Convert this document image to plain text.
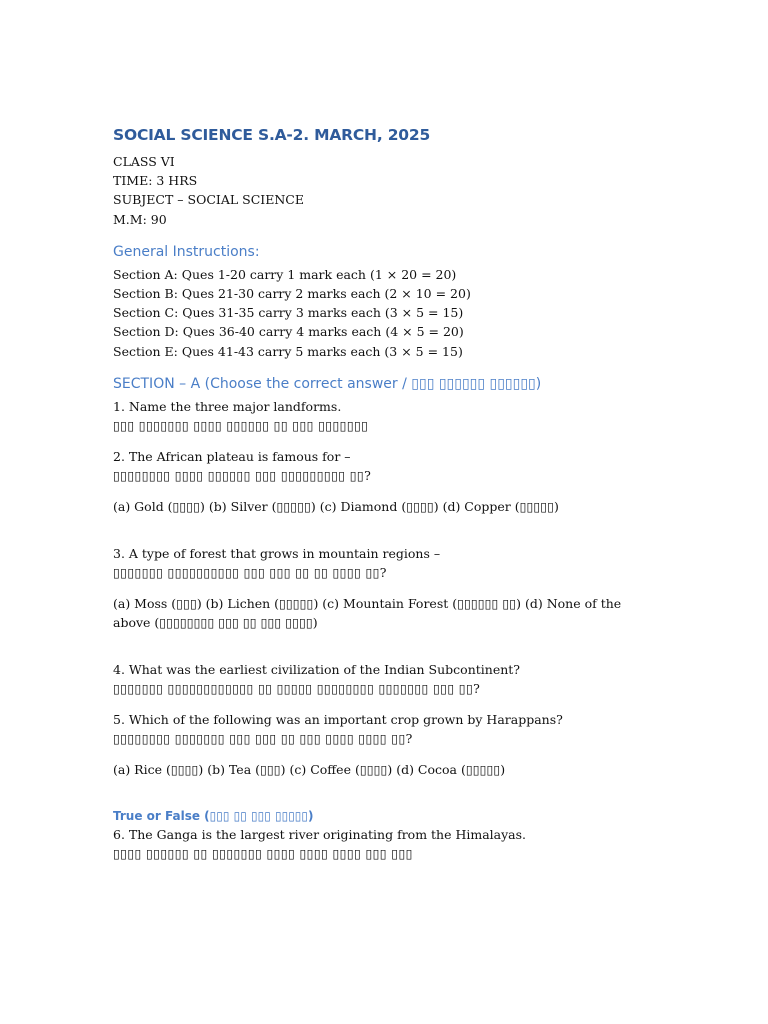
SOCIAL SCIENCE S.A-2. MARCH, 2025
CLASS VI
TIME: 3 HRS
SUBJECT – SOCIAL SCIENCE
M.M: 90
General Instructions:
Section A: Ques 1-20 carry 1 mark each (1 × 20 = 20)
Section B: Ques 21-30 carry 2 marks each (2 × 10 = 20)
Section C: Ques 31-35 carry 3 marks each (3 × 5 = 15)
Section D: Ques 36-40 carry 4 marks each (4 × 5 = 20)
Section E: Ques 41-43 carry 5 marks each (3 × 5 = 15)
SECTION – A (Choose the correct answer / ▯▯▯ ▯▯▯▯▯▯ ▯▯▯▯▯▯)
1. Name the three major landforms.
▯▯▯ ▯▯▯▯▯▯▯ ▯▯▯▯ ▯▯▯▯▯▯ ▯▯ ▯▯▯ ▯▯▯▯▯▯▯
2. The African plateau is famous for –
▯▯▯▯▯▯▯▯ ▯▯▯▯ ▯▯▯▯▯▯ ▯▯▯ ▯▯▯▯▯▯▯▯▯ ▯▯?
(a) Gold (▯▯▯▯) (b) Silver (▯▯▯▯▯) (c) Diamond (▯▯▯▯) (d) Copper (▯▯▯▯▯)
3. A type of forest that grows in mountain regions –
▯▯▯▯▯▯▯ ▯▯▯▯▯▯▯▯▯▯ ▯▯▯ ▯▯▯ ▯▯ ▯▯ ▯▯▯▯ ▯▯?
(a) Moss (▯▯▯) (b) Lichen (▯▯▯▯▯) (c) Mountain Forest (▯▯▯▯▯▯ ▯▯) (d) None of the
above (▯▯▯▯▯▯▯▯ ▯▯▯ ▯▯ ▯▯▯ ▯▯▯▯)
4. What was the earliest civilization of the Indian Subcontinent?
▯▯▯▯▯▯▯ ▯▯▯▯▯▯▯▯▯▯▯▯ ▯▯ ▯▯▯▯▯ ▯▯▯▯▯▯▯▯ ▯▯▯▯▯▯▯ ▯▯▯ ▯▯?
5. Which of the following was an important crop grown by Harappans?
▯▯▯▯▯▯▯▯ ▯▯▯▯▯▯▯ ▯▯▯ ▯▯▯ ▯▯ ▯▯▯ ▯▯▯▯ ▯▯▯▯ ▯▯?
(a) Rice (▯▯▯▯) (b) Tea (▯▯▯) (c) Coffee (▯▯▯▯) (d) Cocoa (▯▯▯▯▯)
True or False (▯▯▯ ▯▯ ▯▯▯ ▯▯▯▯▯)
6. The Ganga is the largest river originating from the Himalayas.
▯▯▯▯ ▯▯▯▯▯▯ ▯▯ ▯▯▯▯▯▯▯ ▯▯▯▯ ▯▯▯▯ ▯▯▯▯ ▯▯▯ ▯▯▯
